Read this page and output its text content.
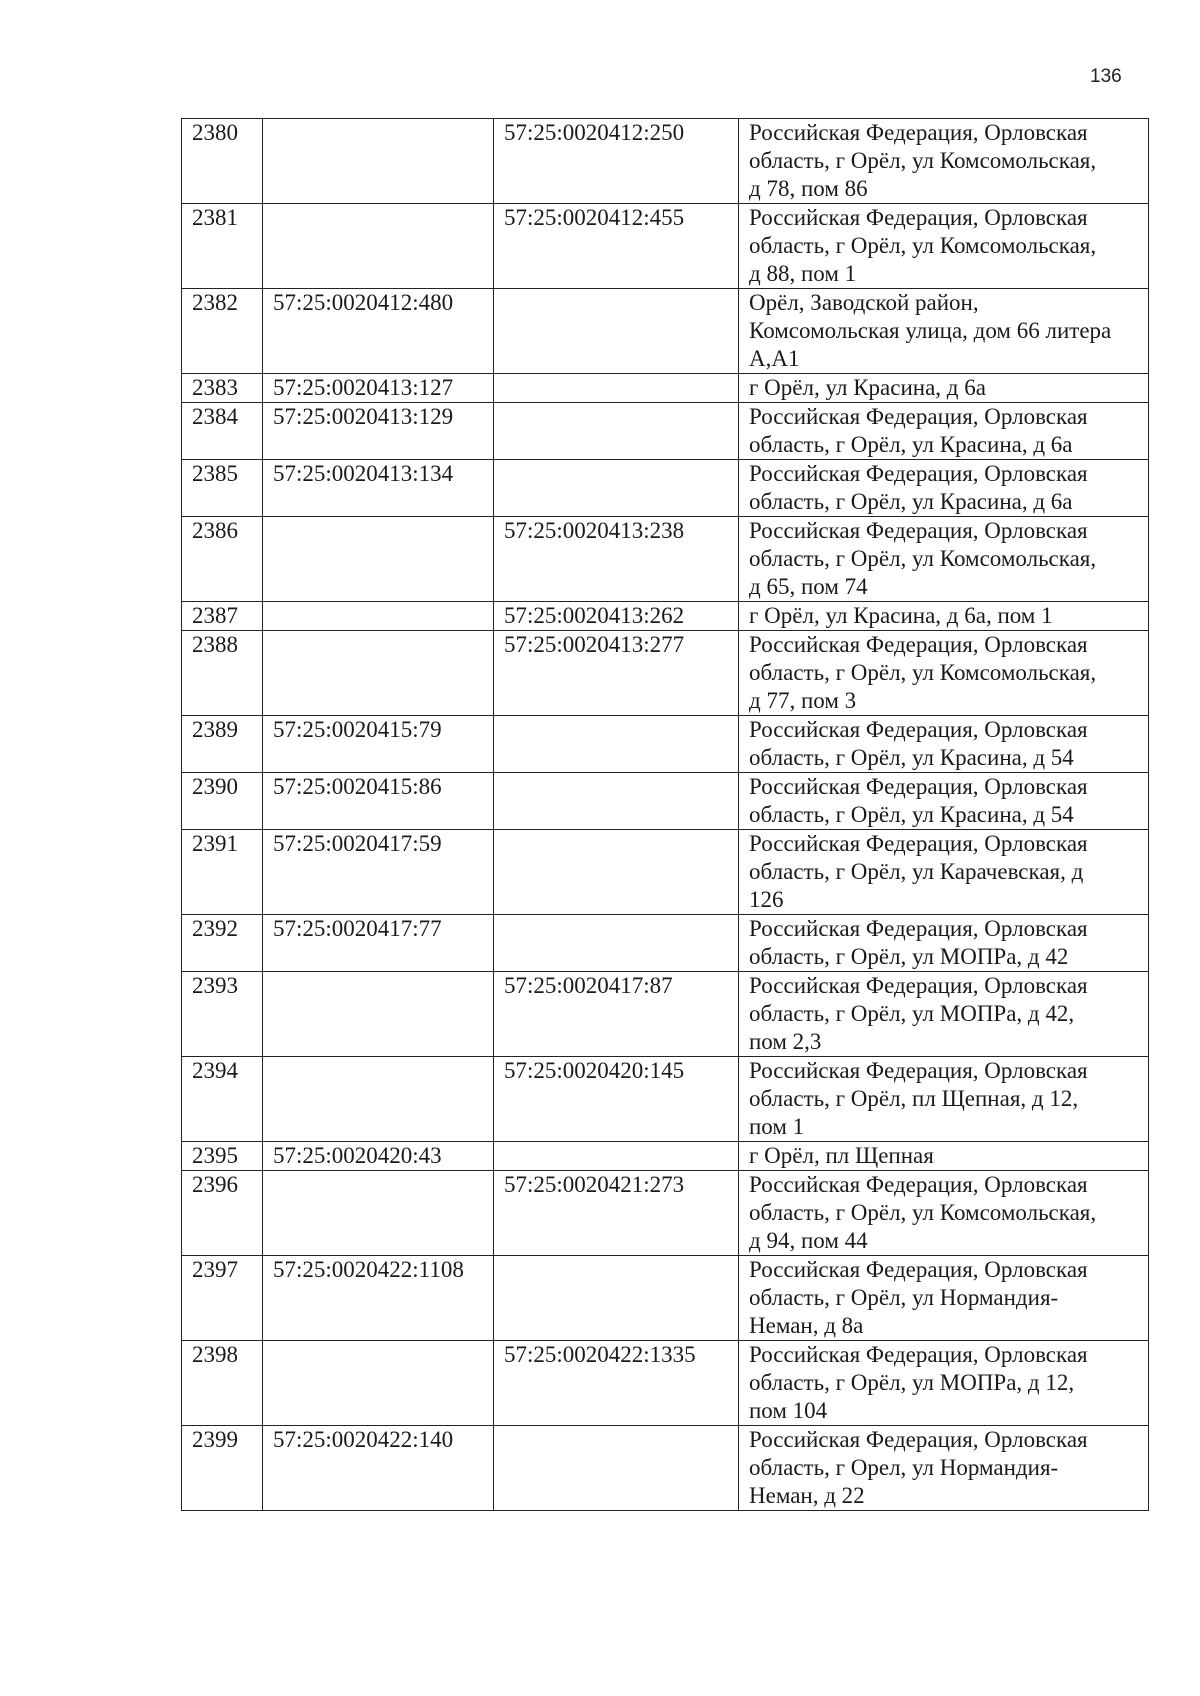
136
2380		57:25:0020412:250	Российская Федерация, Орловская
область, г Орёл, ул Комсомольская,
д 78, пом 86
2381		57:25:0020412:455	Российская Федерация, Орловская
область, г Орёл, ул Комсомольская,
д 88, пом 1
2382	57:25:0020412:480		Орёл, Заводской район,
Комсомольская улица, дом 66 литера
А,А1
2383	57:25:0020413:127		г Орёл, ул Красина, д 6а
2384	57:25:0020413:129		Российская Федерация, Орловская
область, г Орёл, ул Красина, д 6а
2385	57:25:0020413:134		Российская Федерация, Орловская
область, г Орёл, ул Красина, д 6а
2386		57:25:0020413:238	Российская Федерация, Орловская
область, г Орёл, ул Комсомольская,
д 65, пом 74
2387		57:25:0020413:262	г Орёл, ул Красина, д 6а, пом 1
2388		57:25:0020413:277	Российская Федерация, Орловская
область, г Орёл, ул Комсомольская,
д 77, пом 3
2389	57:25:0020415:79		Российская Федерация, Орловская
область, г Орёл, ул Красина, д 54
2390	57:25:0020415:86		Российская Федерация, Орловская
область, г Орёл, ул Красина, д 54
2391	57:25:0020417:59		Российская Федерация, Орловская
область, г Орёл, ул Карачевская, д
126
2392	57:25:0020417:77		Российская Федерация, Орловская
область, г Орёл, ул МОПРа, д 42
2393		57:25:0020417:87	Российская Федерация, Орловская
область, г Орёл, ул МОПРа, д 42,
пом 2,3
2394		57:25:0020420:145	Российская Федерация, Орловская
область, г Орёл, пл Щепная, д 12,
пом 1
2395	57:25:0020420:43		г Орёл, пл Щепная
2396		57:25:0020421:273	Российская Федерация, Орловская
область, г Орёл, ул Комсомольская,
д 94, пом 44
2397	57:25:0020422:1108		Российская Федерация, Орловская
область, г Орёл, ул Нормандия-
Неман, д 8а
2398		57:25:0020422:1335	Российская Федерация, Орловская
область, г Орёл, ул МОПРа, д 12,
пом 104
2399	57:25:0020422:140		Российская Федерация, Орловская
область, г Орел, ул Нормандия-
Неман, д 22
